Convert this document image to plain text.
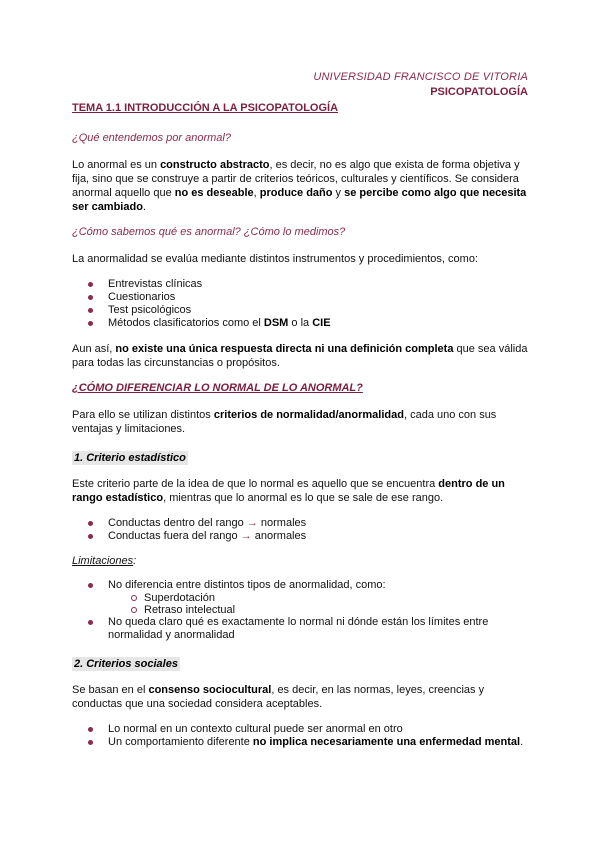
UNIVERSIDAD FRANCISCO DE VITORIA
PSICOPATOLOGÍA
TEMA 1.1 INTRODUCCIÓN A LA PSICOPATOLOGÍA
¿Qué entendemos por anormal?

Lo anormal es un constructo abstracto, es decir, no es algo que exista de forma objetiva y fija, sino que se construye a partir de criterios teóricos, culturales y científicos. Se considera anormal aquello que no es deseable, produce daño y se percibe como algo que necesita ser cambiado.

¿Cómo sabemos qué es anormal? ¿Cómo lo medimos?

La anormalidad se evalúa mediante distintos instrumentos y procedimientos, como:

Entrevistas clínicas
Cuestionarios
Test psicológicos
Métodos clasificatorios como el DSM o la CIE

Aun así, no existe una única respuesta directa ni una definición completa que sea válida para todas las circunstancias o propósitos.

¿CÓMO DIFERENCIAR LO NORMAL DE LO ANORMAL?

Para ello se utilizan distintos criterios de normalidad/anormalidad, cada uno con sus ventajas y limitaciones.

1. Criterio estadístico

Este criterio parte de la idea de que lo normal es aquello que se encuentra dentro de un rango estadístico, mientras que lo anormal es lo que se sale de ese rango.

Conductas dentro del rango → normales
Conductas fuera del rango → anormales
Limitaciones:
No diferencia entre distintos tipos de anormalidad, como:
Superdotación
Retraso intelectual
No queda claro qué es exactamente lo normal ni dónde están los límites entre normalidad y anormalidad
2. Criterios sociales

Se basan en el consenso sociocultural, es decir, en las normas, leyes, creencias y conductas que una sociedad considera aceptables.

Lo normal en un contexto cultural puede ser anormal en otro
Un comportamiento diferente no implica necesariamente una enfermedad mental.
